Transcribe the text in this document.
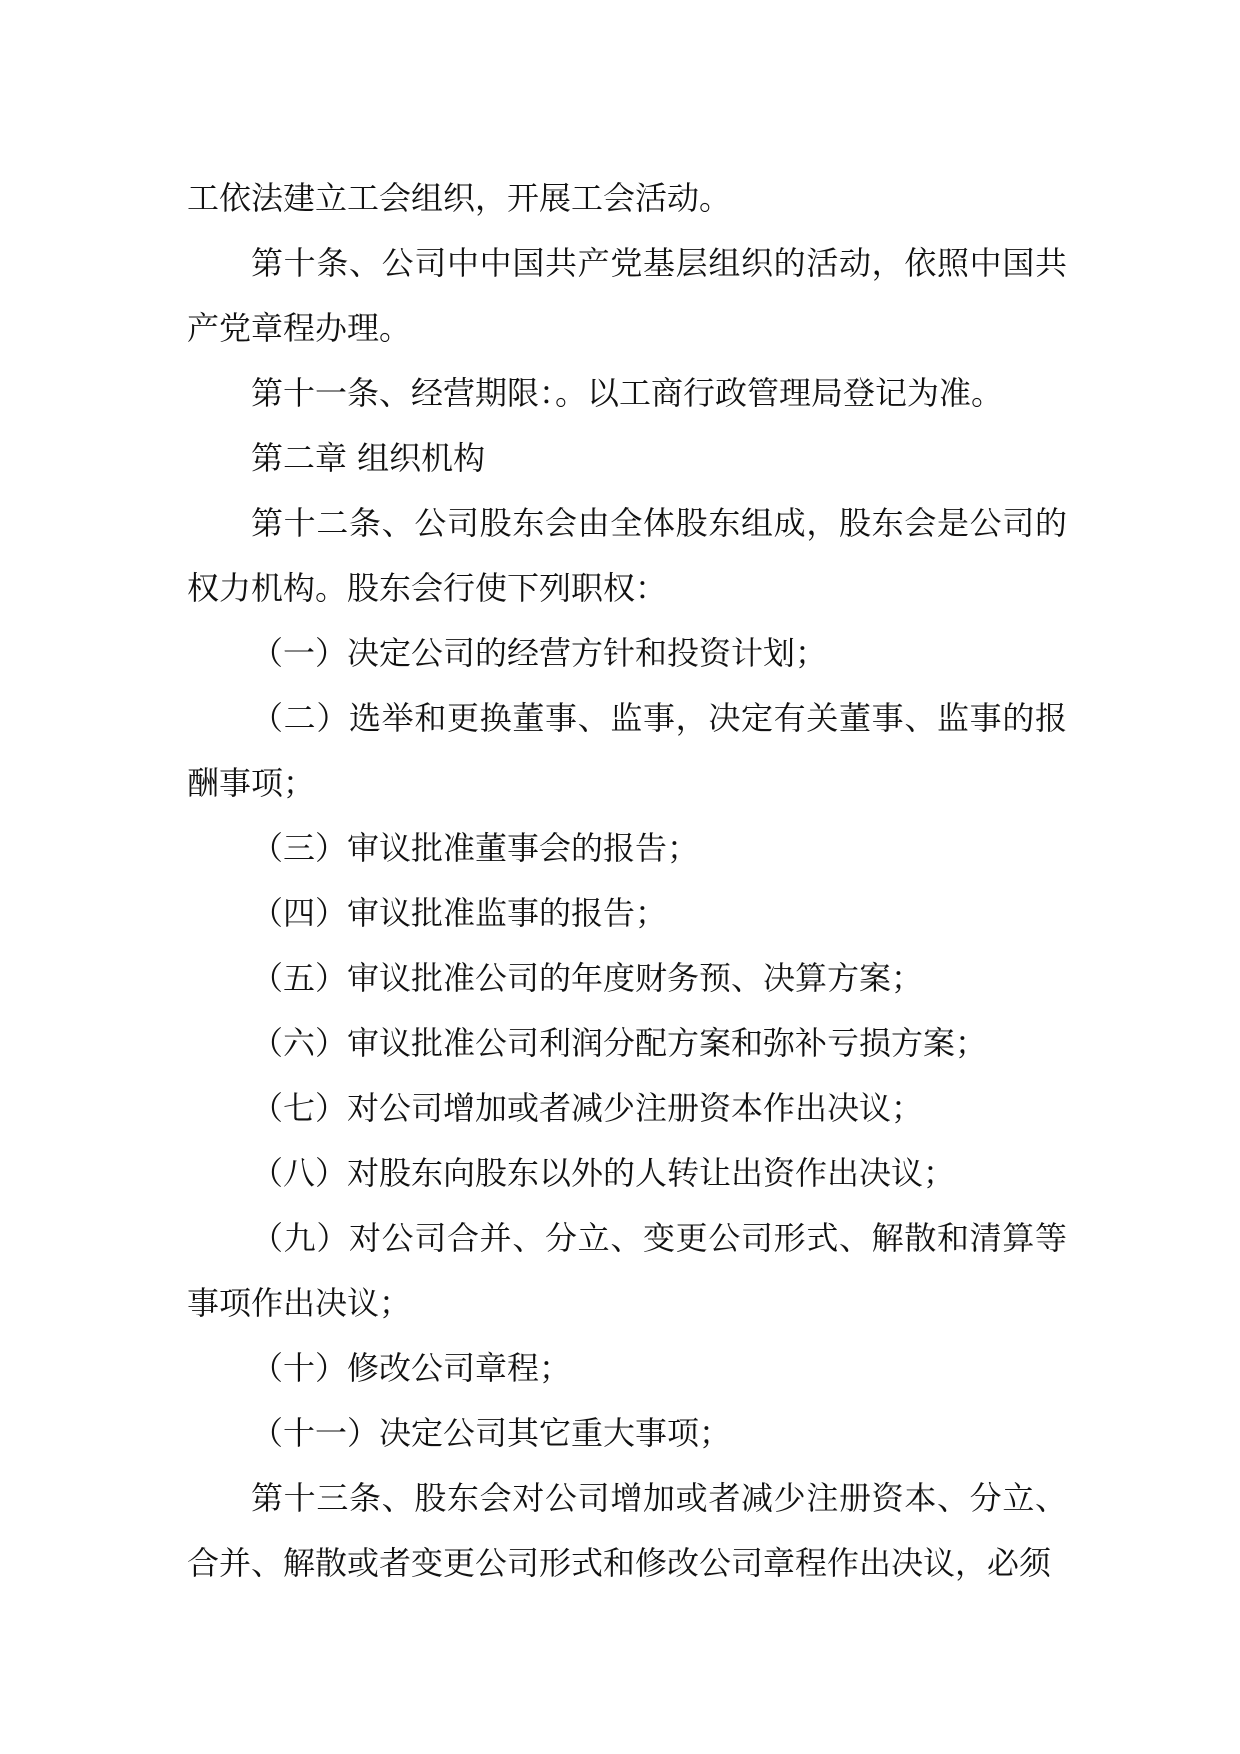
工依法建立工会组织，开展工会活动。

第十条、公司中中国共产党基层组织的活动，依照中国共产党章程办理。

第十一条、经营期限：。以工商行政管理局登记为准。

第二章 组织机构

第十二条、公司股东会由全体股东组成，股东会是公司的权力机构。股东会行使下列职权：

（一）决定公司的经营方针和投资计划；

（二）选举和更换董事、监事，决定有关董事、监事的报酬事项；

（三）审议批准董事会的报告；

（四）审议批准监事的报告；

（五）审议批准公司的年度财务预、决算方案；

（六）审议批准公司利润分配方案和弥补亏损方案；

（七）对公司增加或者减少注册资本作出决议；

（八）对股东向股东以外的人转让出资作出决议；

（九）对公司合并、分立、变更公司形式、解散和清算等事项作出决议；

（十）修改公司章程；

（十一）决定公司其它重大事项；

第十三条、股东会对公司增加或者减少注册资本、分立、合并、解散或者变更公司形式和修改公司章程作出决议，必须
